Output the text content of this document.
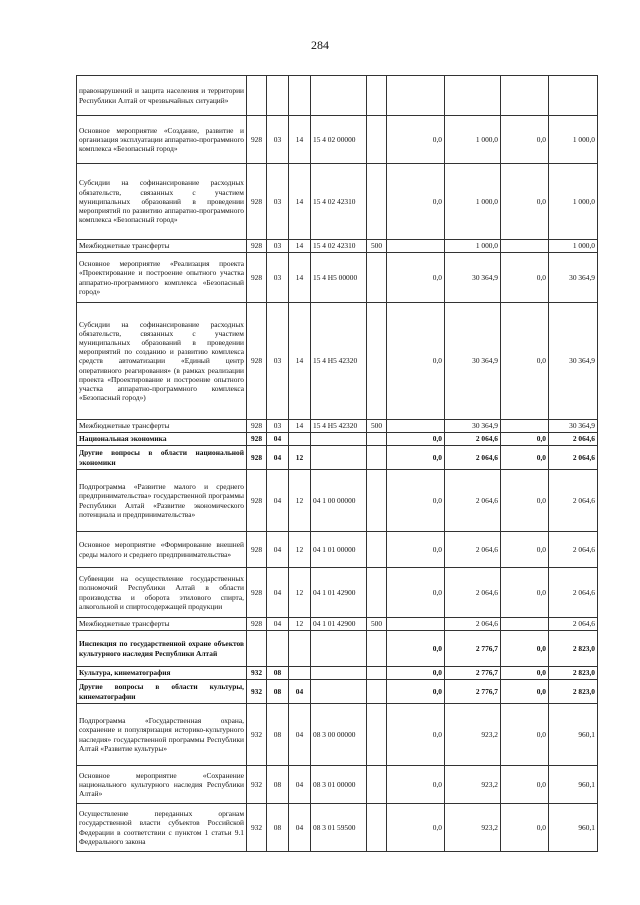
284
правонарушений и защита населения и территории Республики Алтай от чрезвычайных ситуаций»									
Основное мероприятие «Создание, развитие и организация эксплуатации аппаратно-программного комплекса «Безопасный город»	928	03	14	15 4 02 00000		0,0	1 000,0	0,0	1 000,0
Субсидии на софинансирование расходных обязательств, связанных с участием муниципальных образований в проведении мероприятий по развитию аппаратно-программного комплекса «Безопасный город»	928	03	14	15 4 02 42310		0,0	1 000,0	0,0	1 000,0
Межбюджетные трансферты	928	03	14	15 4 02 42310	500		1 000,0		1 000,0
Основное мероприятие «Реализация проекта «Проектирование и построение опытного участка аппаратно-программного комплекса «Безопасный город»	928	03	14	15 4 H5 00000		0,0	30 364,9	0,0	30 364,9
Субсидии на софинансирование расходных обязательств, связанных с участием муниципальных образований в проведении мероприятий по созданию и развитию комплекса средств автоматизации «Единый центр оперативного реагирования» (в рамках реализации проекта «Проектирование и построение опытного участка аппаратно-программного комплекса «Безопасный город»)	928	03	14	15 4 H5 42320		0,0	30 364,9	0,0	30 364,9
Межбюджетные трансферты	928	03	14	15 4 H5 42320	500		30 364,9		30 364,9
Национальная экономика	928	04				0,0	2 064,6	0,0	2 064,6
Другие вопросы в области национальной экономики	928	04	12			0,0	2 064,6	0,0	2 064,6
Подпрограмма «Развитие малого и среднего предпринимательства» государственной программы Республики Алтай «Развитие экономического потенциала и предпринимательства»	928	04	12	04 1 00 00000		0,0	2 064,6	0,0	2 064,6
Основное мероприятие «Формирование внешней среды малого и среднего предпринимательства»	928	04	12	04 1 01 00000		0,0	2 064,6	0,0	2 064,6
Субвенции на осуществление государственных полномочий Республики Алтай в области производства и оборота этилового спирта, алкогольной и спиртосодержащей продукции	928	04	12	04 1 01 42900		0,0	2 064,6	0,0	2 064,6
Межбюджетные трансферты	928	04	12	04 1 01 42900	500		2 064,6		2 064,6
Инспекция по государственной охране объектов культурного наследия Республики Алтай						0,0	2 776,7	0,0	2 823,0
Культура, кинематография	932	08				0,0	2 776,7	0,0	2 823,0
Другие вопросы в области культуры, кинематографии	932	08	04			0,0	2 776,7	0,0	2 823,0
Подпрограмма «Государственная охрана, сохранение и популяризация историко-культурного наследия» государственной программы Республики Алтай «Развитие культуры»	932	08	04	08 3 00 00000		0,0	923,2	0,0	960,1
Основное мероприятие «Сохранение национального культурного наследия Республики Алтай»	932	08	04	08 3 01 00000		0,0	923,2	0,0	960,1
Осуществление переданных органам государственной власти субъектов Российской Федерации в соответствии с пунктом 1 статьи 9.1 Федерального закона	932	08	04	08 3 01 59500		0,0	923,2	0,0	960,1
